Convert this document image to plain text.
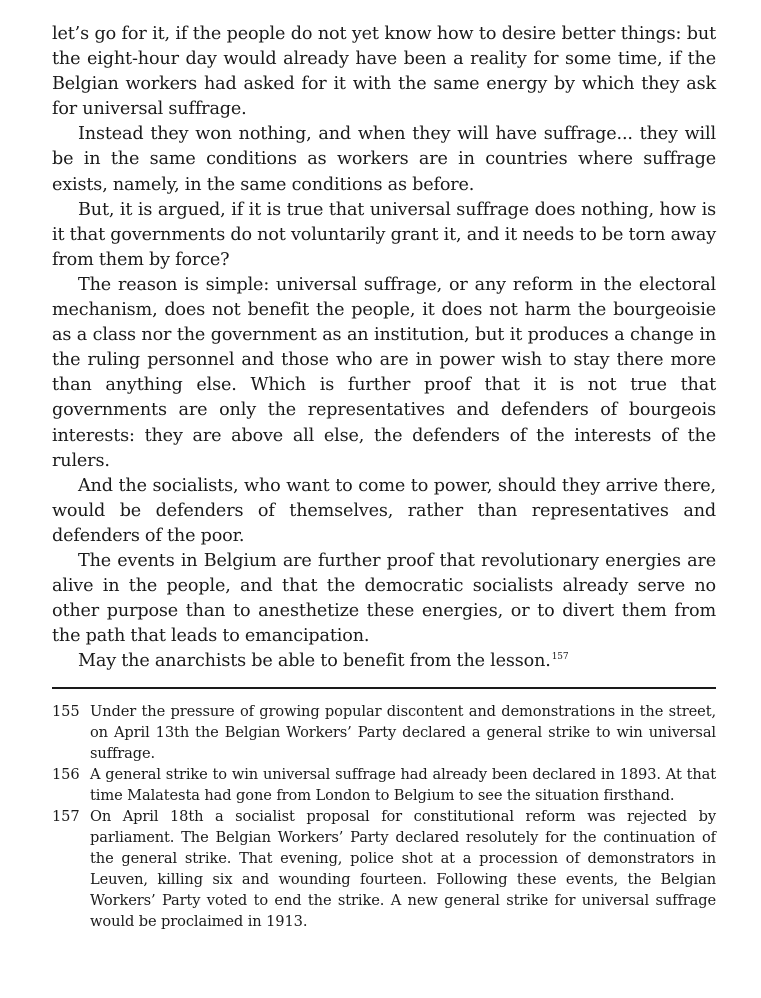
let’s go for it, if the people do not yet know how to desire better things: but the eight-hour day would already have been a reality for some time, if the Belgian workers had asked for it with the same energy by which they ask for universal suffrage.

Instead they won nothing, and when they will have suffrage... they will be in the same conditions as workers are in countries where suffrage exists, namely, in the same conditions as before.

But, it is argued, if it is true that universal suffrage does nothing, how is it that governments do not voluntarily grant it, and it needs to be torn away from them by force?

The reason is simple: universal suffrage, or any reform in the electoral mechanism, does not benefit the people, it does not harm the bourgeoisie as a class nor the government as an institution, but it produces a change in the ruling personnel and those who are in power wish to stay there more than anything else. Which is further proof that it is not true that governments are only the representatives and defenders of bourgeois interests: they are above all else, the defenders of the interests of the rulers.

And the socialists, who want to come to power, should they arrive there, would be defenders of themselves, rather than representatives and defenders of the poor.

The events in Belgium are further proof that revolutionary energies are alive in the people, and that the democratic socialists already serve no other purpose than to anesthetize these energies, or to divert them from the path that leads to emancipation.

May the anarchists be able to benefit from the lesson.$^{157}$

155 Under the pressure of growing popular discontent and demonstrations in the street, on April 13th the Belgian Workers’ Party declared a general strike to win universal suffrage.
156 A general strike to win universal suffrage had already been declared in 1893. At that time Malatesta had gone from London to Belgium to see the situation firsthand.
157 On April 18th a socialist proposal for constitutional reform was rejected by parliament. The Belgian Workers’ Party declared resolutely for the continuation of the general strike. That evening, police shot at a procession of demonstrators in Leuven, killing six and wounding fourteen. Following these events, the Belgian Workers’ Party voted to end the strike. A new general strike for universal suffrage would be proclaimed in 1913.
